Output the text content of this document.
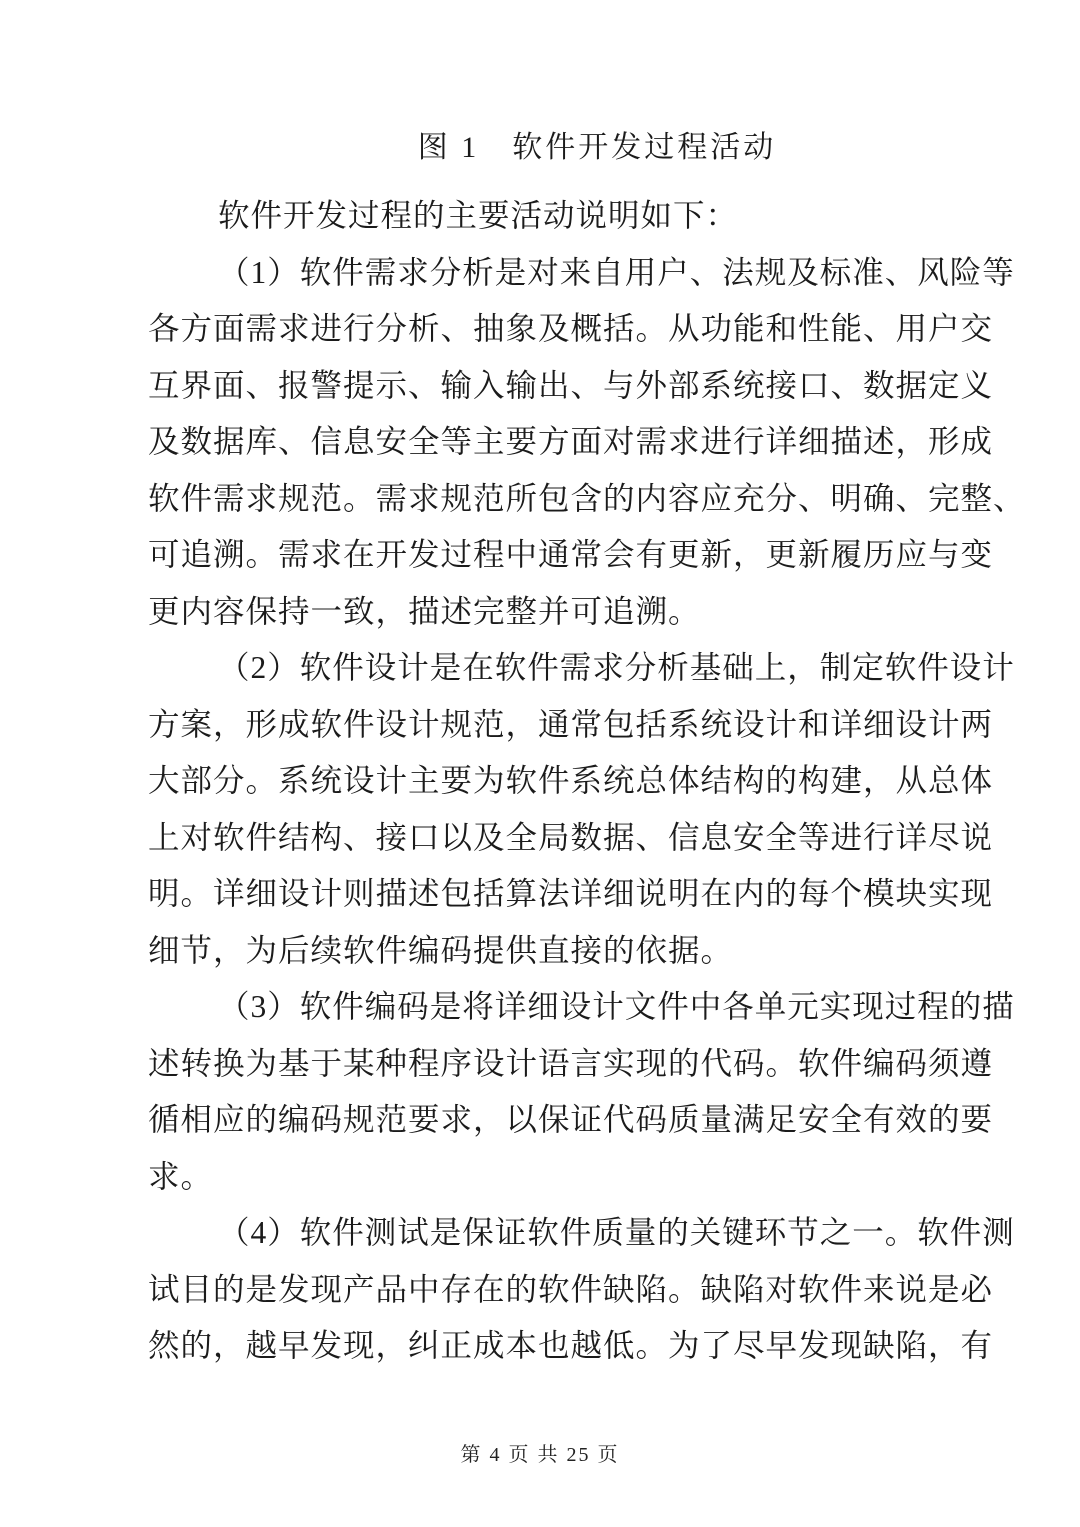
图 1　软件开发过程活动
软件开发过程的主要活动说明如下：
（1）软件需求分析是对来自用户、法规及标准、风险等
各方面需求进行分析、抽象及概括。从功能和性能、用户交
互界面、报警提示、输入输出、与外部系统接口、数据定义
及数据库、信息安全等主要方面对需求进行详细描述，形成
软件需求规范。需求规范所包含的内容应充分、明确、完整、
可追溯。需求在开发过程中通常会有更新，更新履历应与变
更内容保持一致，描述完整并可追溯。
（2）软件设计是在软件需求分析基础上，制定软件设计
方案，形成软件设计规范，通常包括系统设计和详细设计两
大部分。系统设计主要为软件系统总体结构的构建，从总体
上对软件结构、接口以及全局数据、信息安全等进行详尽说
明。详细设计则描述包括算法详细说明在内的每个模块实现
细节，为后续软件编码提供直接的依据。
（3）软件编码是将详细设计文件中各单元实现过程的描
述转换为基于某种程序设计语言实现的代码。软件编码须遵
循相应的编码规范要求，以保证代码质量满足安全有效的要
求。
（4）软件测试是保证软件质量的关键环节之一。软件测
试目的是发现产品中存在的软件缺陷。缺陷对软件来说是必
然的，越早发现，纠正成本也越低。为了尽早发现缺陷，有
第 4 页 共 25 页
